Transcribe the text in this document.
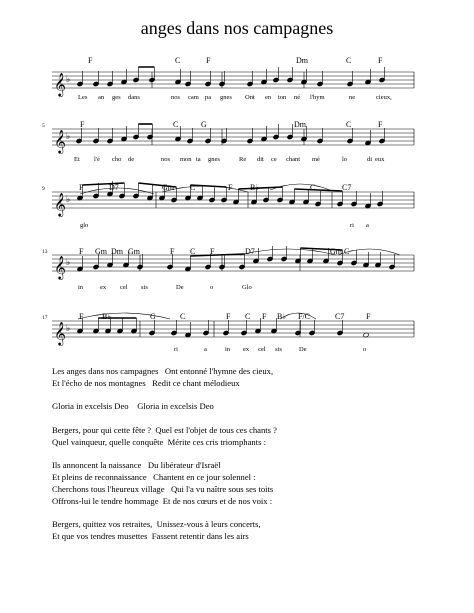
anges dans nos campagnes
𝄞 ♭
F	C	F	Dm	C	F
Les an ges dans	nos cam pa gnes Ont en ton né l'hym	ne	cieux,
𝄞 ♭
5	F	C	G	Dm	C	F
Et l'é cho de	nos mon ta gnes	Re dit ce chant mé	lo	di eux
𝄞 ♭
9	F	D7	Gm C	F B♭	C	C7
glo	ri a
𝄞 ♭
13	F Gm Dm Gm	F C F	D7	Gm C
in	ex cel sis	De	o	Glo
𝄞 ♭
17	F B♭	G	C	F C F B♭ F/C	C7	F
ri	a	in ex cel sis	De	o
Les anges dans nos campagnes   Ont entonné l'hymne des cieux,
Et l'écho de nos montagnes   Redit ce chant mélodieux
Gloria in excelsis Deo    Gloria in excelsis Deo
Bergers, pour qui cette fête ?  Quel est l'objet de tous ces chants ?
Quel vainqueur, quelle conquête  Mérite ces cris triomphants :
Ils annoncent la naissance   Du libérateur d'Israël
Et pleins de reconnaissance   Chantent en ce jour solennel :
Cherchons tous l'heureux village   Qui l'a vu naître sous ses toits
Offrons-lui le tendre hommage  Et de nos cœurs et de nos voix :
Bergers, quittez vos retraites,  Unissez-vous à leurs concerts,
Et que vos tendres musettes  Fassent retentir dans les airs
